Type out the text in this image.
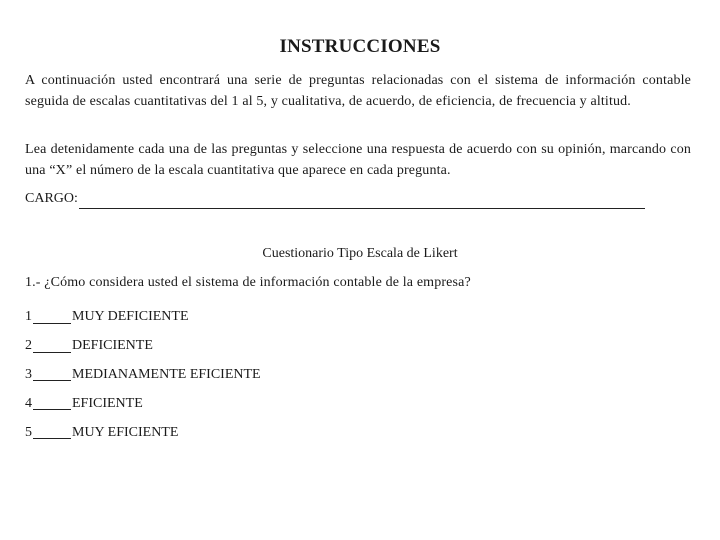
INSTRUCCIONES

A continuación usted encontrará una serie de preguntas relacionadas con el sistema de información contable seguida de escalas cuantitativas del 1 al 5, y cualitativa, de acuerdo, de eficiencia, de frecuencia y altitud.

Lea detenidamente cada una de las preguntas y seleccione una respuesta de acuerdo con su opinión, marcando con una “X” el número de la escala cuantitativa que aparece en cada pregunta.

CARGO:
Cuestionario Tipo Escala de Likert
1.- ¿Cómo considera usted el sistema de información contable de la empresa?
1	MUY DEFICIENTE
2	DEFICIENTE
3	MEDIANAMENTE EFICIENTE
4	EFICIENTE
5	MUY EFICIENTE
